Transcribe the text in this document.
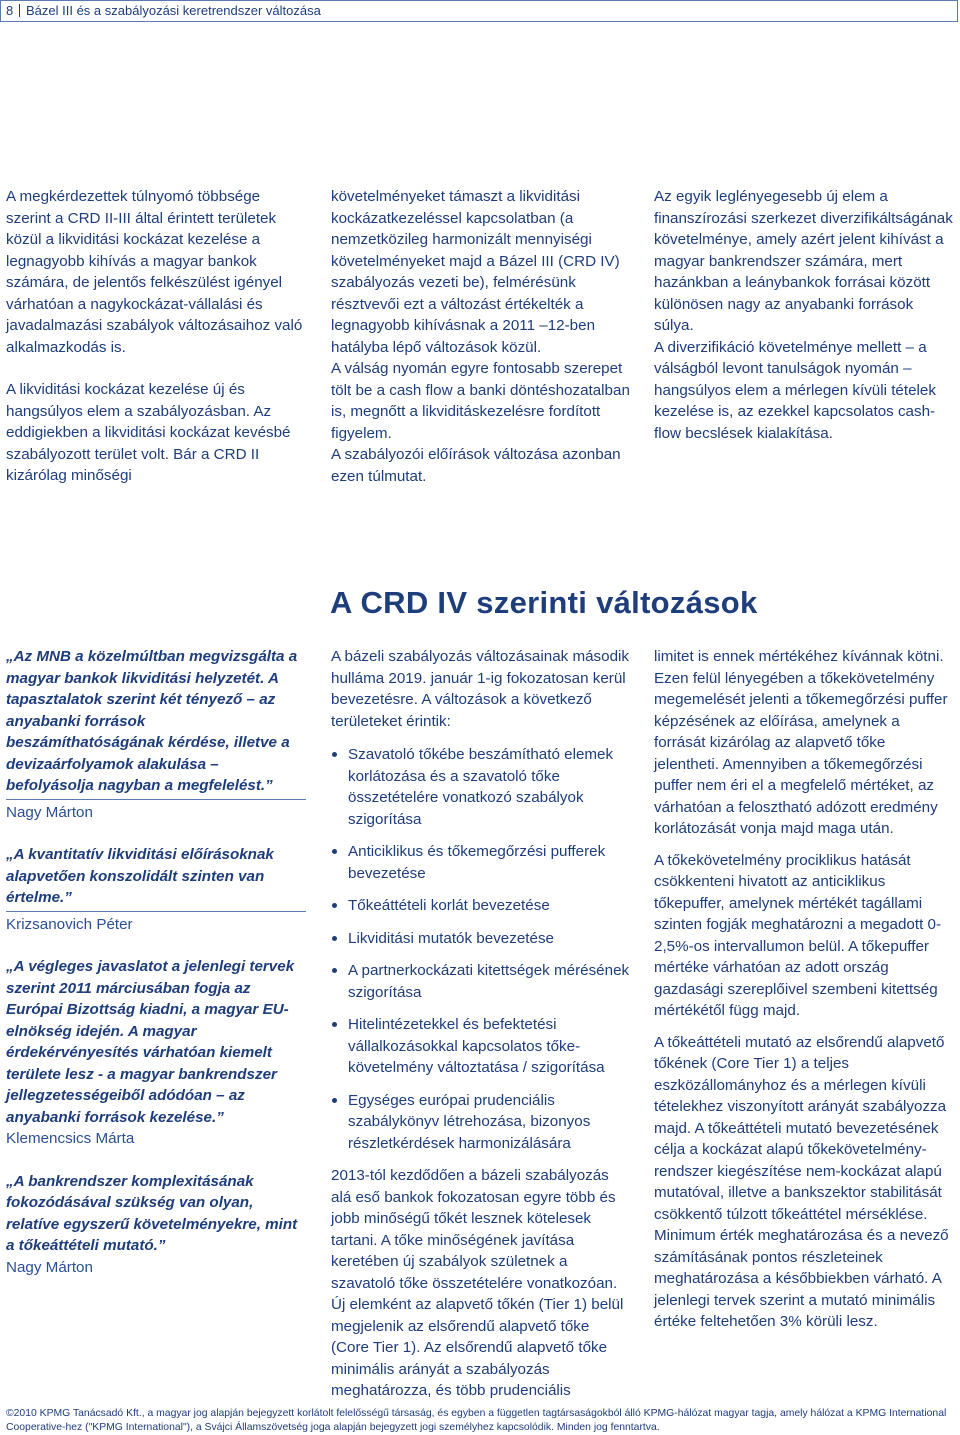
8 Bázel III és a szabályozási keretrendszer változása

A megkérdezettek túlnyomó többsége szerint a CRD II-III által érintett területek közül a likviditási kockázat kezelése a legnagyobb kihívás a magyar bankok számára, de jelentős felkészülést igényel várhatóan a nagykockázat-vállalási és javadalmazási szabályok változásaihoz való alkalmazkodás is.

A likviditási kockázat kezelése új és hangsúlyos elem a szabályozásban. Az eddigiekben a likviditási kockázat kevésbé szabályozott terület volt. Bár a CRD II kizárólag minőségi

követelményeket támaszt a likviditási kockázatkezeléssel kapcsolatban (a nemzetközileg harmonizált mennyiségi követelményeket majd a Bázel III (CRD IV) szabályozás vezeti be), felmérésünk résztvevői ezt a változást értékelték a legnagyobb kihívásnak a 2011 –12-ben hatályba lépő változások közül.

A válság nyomán egyre fontosabb szerepet tölt be a cash flow a banki döntéshozatalban is, megnőtt a likviditáskezelésre fordított figyelem.

A szabályozói előírások változása azonban ezen túlmutat.

Az egyik leglényegesebb új elem a finanszírozási szerkezet diverzifikáltságának követelménye, amely azért jelent kihívást a magyar bankrendszer számára, mert hazánkban a leánybankok forrásai között különösen nagy az anyabanki források súlya.

A diverzifikáció követelménye mellett – a válságból levont tanulságok nyomán – hangsúlyos elem a mérlegen kívüli tételek kezelése is, az ezekkel kapcsolatos cash-flow becslések kialakítása.

A CRD IV szerinti változások
„Az MNB a közelmúltban megvizsgálta a magyar bankok likviditási helyzetét. A tapasztalatok szerint két tényező – az anyabanki források beszámíthatóságának kérdése, illetve a devizaárfolyamok alakulása – befolyásolja nagyban a megfelelést.”
Nagy Márton
„A kvantitatív likviditási előírásoknak alapvetően konszolidált szinten van értelme.”
Krizsanovich Péter
„A végleges javaslatot a jelenlegi tervek szerint 2011 márciusában fogja az Európai Bizottság kiadni, a magyar EU-elnökség idején. A magyar érdekérvényesítés várhatóan kiemelt területe lesz - a magyar bankrendszer jellegzetességeiből adódóan – az anyabanki források kezelése.”
Klemencsics Márta
„A bankrendszer komplexitásának fokozódásával szükség van olyan, relatíve egyszerű követelményekre, mint a tőkeáttételi mutató.”
Nagy Márton

A bázeli szabályozás változásainak második hulláma 2019. január 1-ig fokozatosan kerül bevezetésre. A változások a következő területeket érintik:

Szavatoló tőkébe beszámítható elemek korlátozása és a szavatoló tőke összetételére vonatkozó szabályok szigorítása
Anticiklikus és tőkemegőrzési pufferek bevezetése
Tőkeáttételi korlát bevezetése
Likviditási mutatók bevezetése
A partnerkockázati kitettségek mérésének szigorítása
Hitelintézetekkel és befektetési vállalkozásokkal kapcsolatos tőke-követelmény változtatása / szigorítása
Egységes európai prudenciális szabálykönyv létrehozása, bizonyos részletkérdések harmonizálására

2013-tól kezdődően a bázeli szabályozás alá eső bankok fokozatosan egyre több és jobb minőségű tőkét lesznek kötelesek tartani. A tőke minőségének javítása keretében új szabályok születnek a szavatoló tőke összetételére vonatkozóan. Új elemként az alapvető tőkén (Tier 1) belül megjelenik az elsőrendű alapvető tőke (Core Tier 1). Az elsőrendű alapvető tőke minimális arányát a szabályozás meghatározza, és több prudenciális

limitet is ennek mértékéhez kívánnak kötni. Ezen felül lényegében a tőkekövetelmény megemelését jelenti a tőkemegőrzési puffer képzésének az előírása, amelynek a forrását kizárólag az alapvető tőke jelentheti. Amennyiben a tőkemegőrzési puffer nem éri el a megfelelő mértéket, az várhatóan a felosztható adózott eredmény korlátozását vonja majd maga után.

A tőkekövetelmény prociklikus hatását csökkenteni hivatott az anticiklikus tőkepuffer, amelynek mértékét tagállami szinten fogják meghatározni a megadott 0-2,5%-os intervallumon belül. A tőkepuffer mértéke várhatóan az adott ország gazdasági szereplőivel szembeni kitettség mértékétől függ majd.

A tőkeáttételi mutató az elsőrendű alapvető tőkének (Core Tier 1) a teljes eszközállományhoz és a mérlegen kívüli tételekhez viszonyított arányát szabályozza majd. A tőkeáttételi mutató bevezetésének célja a kockázat alapú tőkekövetelmény-rendszer kiegészítése nem-kockázat alapú mutatóval, illetve a bankszektor stabilitását csökkentő túlzott tőkeáttétel mérséklése. Minimum érték meghatározása és a nevező számításának pontos részleteinek meghatározása a későbbiekben várható. A jelenlegi tervek szerint a mutató minimális értéke feltehetően 3% körüli lesz.

©2010 KPMG Tanácsadó Kft., a magyar jog alapján bejegyzett korlátolt felelősségű társaság, és egyben a független tagtársaságokból álló KPMG-hálózat magyar tagja, amely hálózat a KPMG International Cooperative-hez ("KPMG International"), a Svájci Államszövetség joga alapján bejegyzett jogi személyhez kapcsolódik. Minden jog fenntartva.
